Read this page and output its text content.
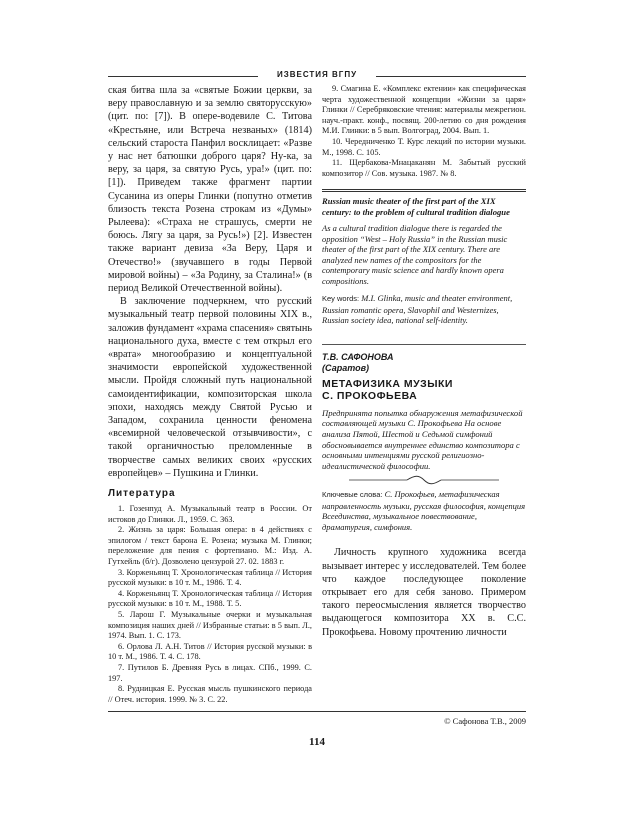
ИЗВЕСТИЯ ВГПУ

ская битва шла за «святые Божии церкви, за веру православную и за землю святорусскую» (цит. по: [7]). В опере-водевиле С. Титова «Крестьяне, или Встреча незваных» (1814) сельский староста Панфил восклицает: «Разве у нас нет батюшки доброго царя? Ну-ка, за веру, за царя, за святую Русь, ура!» (цит. по: [1]). Приведем также фрагмент партии Сусанина из оперы Глинки (попутно отметив близость текста Розена строкам из «Думы» Рылеева): «Страха не страшусь, смерти не боюсь. Лягу за царя, за Русь!») [2]. Известен также вариант девиза «За Веру, Царя и Отечество!» (звучавшего в годы Первой мировой войны) – «За Родину, за Сталина!» (в период Великой Отечественной войны).

В заключение подчеркнем, что русский музыкальный театр первой половины XIX в., заложив фундамент «храма спасения» святынь национального духа, вместе с тем открыл его «врата» многообразию и концептуальной значимости европейской художественной мысли. Пройдя сложный путь национальной самоидентификации, композиторская школа эпохи, находясь между Святой Русью и Западом, сохранила ценности феномена «всемирной человеческой отзывчивости», с такой органичностью преломленные в творчестве самых великих своих «русских европейцев» – Пушкина и Глинки.

Литература

1. Гозенпуд А. Музыкальный театр в России. От истоков до Глинки. Л., 1959. С. 363.

2. Жизнь за царя: Большая опера: в 4 действиях с эпилогом / текст барона Е. Розена; музыка М. Глинки; переложение для пения с фортепиано. М.: Изд. А. Гутхейль (б/г). Дозволено цензурой 27. 02. 1883 г.

3. Корженьянц Т. Хронологическая таблица // История русской музыки: в 10 т. М., 1986. Т. 4.

4. Корженьянц Т. Хронологическая таблица // История русской музыки: в 10 т. М., 1988. Т. 5.

5. Ларош Г. Музыкальные очерки и музыкальная композиция наших дней // Избранные статьи: в 5 вып. Л., 1974. Вып. 1. С. 173.

6. Орлова Л. А.Н. Титов // История русской музыки: в 10 т. М., 1986. Т. 4. С. 178.

7. Путилов Б. Древняя Русь в лицах. СПб., 1999. С. 197.

8. Рудницкая Е. Русская мысль пушкинского периода // Отеч. история. 1999. № 3. С. 22.

9. Смагина Е. «Комплекс ектении» как специфическая черта художественной концепции «Жизни за царя» Глинки // Серебряковские чтения: материалы межрегион. науч.-практ. конф., посвящ. 200-летию со дня рождения М.И. Глинки: в 5 вып. Волгоград, 2004. Вып. 1.

10. Чередниченко Т. Курс лекций по истории музыки. М., 1998. С. 105.

11. Щербакова-Мнацаканян М. Забытый русский композитор // Сов. музыка. 1987. № 8.

Russian music theater of the first part of the XIX century: to the problem of cultural tradition dialogue

As a cultural tradition dialogue there is regarded the opposition “West – Holy Russia” in the Russian music theater of the first part of the XIX century. There are analyzed new names of the compositors for the contemporary music science and hardly known opera compositions.

Key words: M.I. Glinka, music and theater environment, Russian romantic opera, Slavophil and Westernizes, Russian society idea, national self-identity.

Т.В. САФОНОВА

(Саратов)

МЕТАФИЗИКА МУЗЫКИ

С. ПРОКОФЬЕВА

Предпринята попытка обнаружения метафизической составляющей музыки С. Прокофьева На основе анализа Пятой, Шестой и Седьмой симфоний обосновывается внутреннее единство композитора с основными интенциями русской религиозно-идеалистической философии.

Ключевые слова: С. Прокофьев, метафизическая направленность музыки, русская философия, концепция Всеединства, музыкальное повествование, драматургия, симфония.

Личность крупного художника всегда вызывает интерес у исследователей. Тем более что каждое последующее поколение открывает его для себя заново. Примером такого переосмысления является творчество выдающегося композитора XX в. С.С. Прокофьева. Новому прочтению личности

© Сафонова Т.В., 2009
114
